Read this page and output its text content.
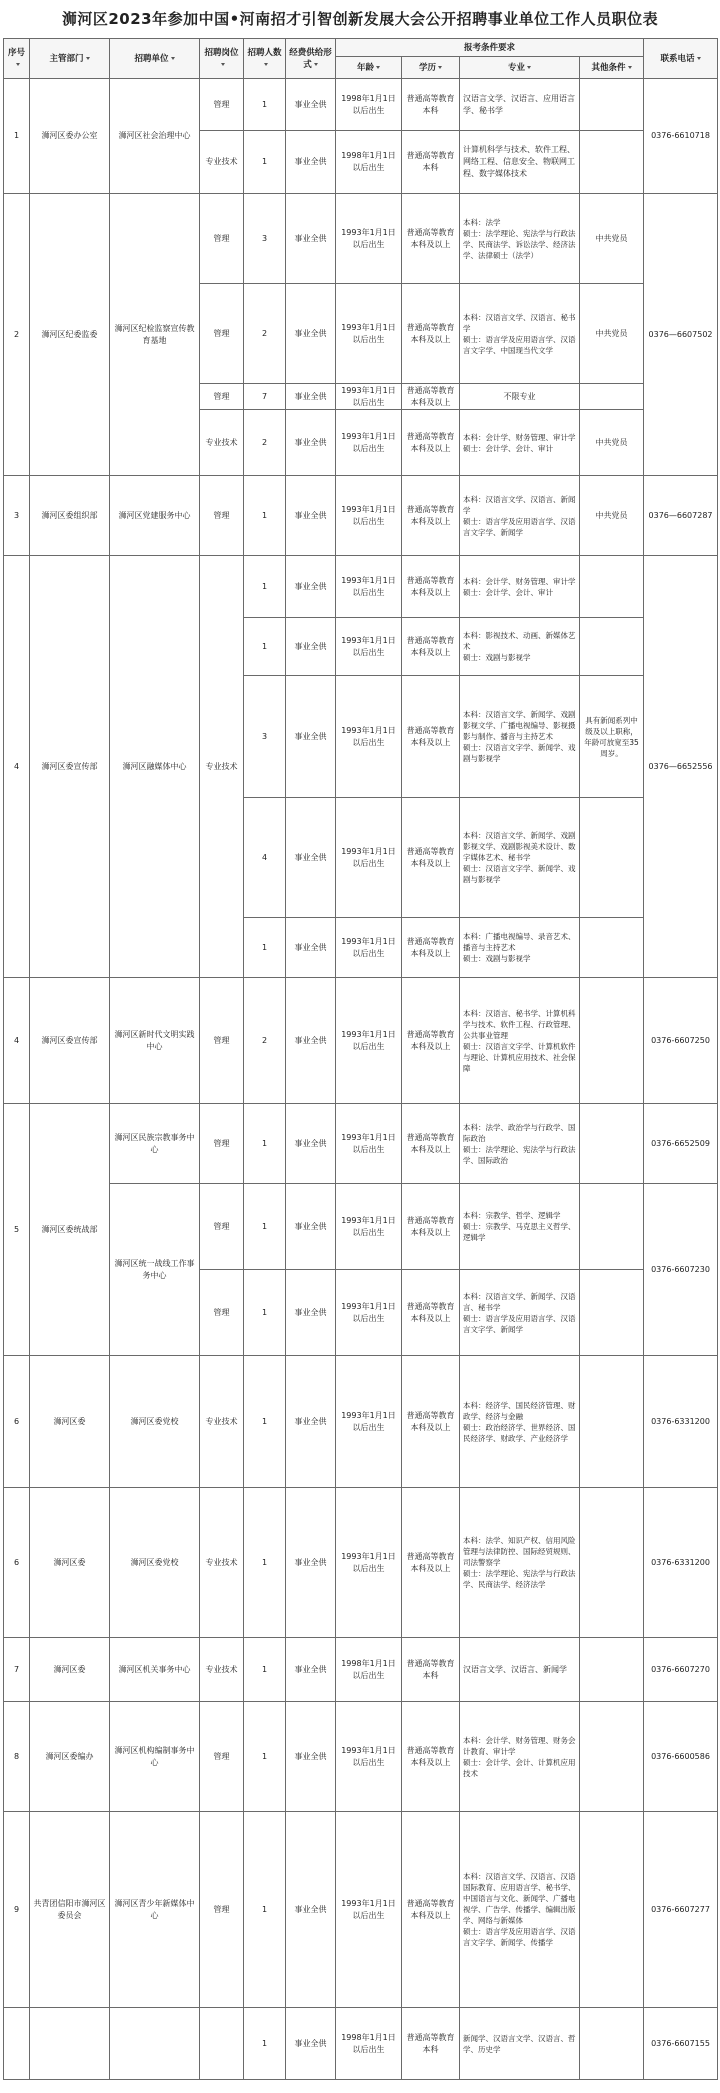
浉河区2023年参加中国•河南招才引智创新发展大会公开招聘事业单位工作人员职位表
序号	主管部门	招聘单位	招聘岗位	招聘人数	经费供给形式	报考条件要求				联系电话
						年龄	学历	专业	其他条件	
1	浉河区委办公室	浉河区社会治理中心	管理	1	事业全供	1998年1月1日以后出生	普通高等教育本科	汉语言文学、汉语言、应用语言学、秘书学		0376-6610718
			专业技术	1	事业全供	1998年1月1日以后出生	普通高等教育本科	计算机科学与技术、软件工程、网络工程、信息安全、物联网工程、数字媒体技术		
2	浉河区纪委监委	浉河区纪检监察宣传教育基地	管理	3	事业全供	1993年1月1日以后出生	普通高等教育本科及以上	本科：法学
硕士：法学理论、宪法学与行政法学、民商法学、诉讼法学、经济法学、法律硕士（法学）	中共党员	0376—6607502
			管理	2	事业全供	1993年1月1日以后出生	普通高等教育本科及以上	本科：汉语言文学、汉语言、秘书学
硕士：语言学及应用语言学、汉语言文字学、中国现当代文学	中共党员	
			管理	7	事业全供	1993年1月1日以后出生	普通高等教育本科及以上	不限专业		
			专业技术	2	事业全供	1993年1月1日以后出生	普通高等教育本科及以上	本科：会计学、财务管理、审计学
硕士：会计学、会计、审计	中共党员	
3	浉河区委组织部	浉河区党建服务中心	管理	1	事业全供	1993年1月1日以后出生	普通高等教育本科及以上	本科：汉语言文学、汉语言、新闻学
硕士：语言学及应用语言学、汉语言文字学、新闻学	中共党员	0376—6607287
4	浉河区委宣传部	浉河区融媒体中心	专业技术	1	事业全供	1993年1月1日以后出生	普通高等教育本科及以上	本科：会计学、财务管理、审计学
硕士：会计学、会计、审计		0376—6652556
				1	事业全供	1993年1月1日以后出生	普通高等教育本科及以上	本科：影视技术、动画、新媒体艺术
硕士：戏剧与影视学		
				3	事业全供	1993年1月1日以后出生	普通高等教育本科及以上	本科：汉语言文学、新闻学、戏剧影视文学、广播电视编导、影视摄影与制作、播音与主持艺术
硕士：汉语言文字学、新闻学、戏剧与影视学	具有新闻系列中级及以上职称，年龄可放宽至35周岁。	
				4	事业全供	1993年1月1日以后出生	普通高等教育本科及以上	本科：汉语言文学、新闻学、戏剧影视文学、戏剧影视美术设计、数字媒体艺术、秘书学
硕士：汉语言文字学、新闻学、戏剧与影视学		
				1	事业全供	1993年1月1日以后出生	普通高等教育本科及以上	本科：广播电视编导、录音艺术、播音与主持艺术
硕士：戏剧与影视学		
4	浉河区委宣传部	浉河区新时代文明实践中心	管理	2	事业全供	1993年1月1日以后出生	普通高等教育本科及以上	本科：汉语言、秘书学、计算机科学与技术、软件工程、行政管理、公共事业管理
硕士：汉语言文字学、计算机软件与理论、计算机应用技术、社会保障		0376-6607250
5	浉河区委统战部	浉河区民族宗教事务中心	管理	1	事业全供	1993年1月1日以后出生	普通高等教育本科及以上	本科：法学、政治学与行政学、国际政治
硕士：法学理论、宪法学与行政法学、国际政治		0376-6652509
		浉河区统一战线工作事务中心	管理	1	事业全供	1993年1月1日以后出生	普通高等教育本科及以上	本科：宗教学、哲学、逻辑学
硕士：宗教学、马克思主义哲学、逻辑学		0376-6607230
			管理	1	事业全供	1993年1月1日以后出生	普通高等教育本科及以上	本科：汉语言文学、新闻学、汉语言、秘书学
硕士：语言学及应用语言学、汉语言文字学、新闻学		
6	浉河区委	浉河区委党校	专业技术	1	事业全供	1993年1月1日以后出生	普通高等教育本科及以上	本科：经济学、国民经济管理、财政学、经济与金融
硕士：政治经济学、世界经济、国民经济学、财政学、产业经济学		0376-6331200
6	浉河区委	浉河区委党校	专业技术	1	事业全供	1993年1月1日以后出生	普通高等教育本科及以上	本科：法学、知识产权、信用风险管理与法律防控、国际经贸规则、司法警察学
硕士：法学理论、宪法学与行政法学、民商法学、经济法学		0376-6331200
7	浉河区委	浉河区机关事务中心	专业技术	1	事业全供	1998年1月1日以后出生	普通高等教育本科	汉语言文学、汉语言、新闻学		0376-6607270
8	浉河区委编办	浉河区机构编制事务中心	管理	1	事业全供	1993年1月1日以后出生	普通高等教育本科及以上	本科：会计学、财务管理、财务会计教育、审计学
硕士：会计学、会计、计算机应用技术		0376-6600586
9	共青团信阳市浉河区委员会	浉河区青少年新媒体中心	管理	1	事业全供	1993年1月1日以后出生	普通高等教育本科及以上	本科：汉语言文学、汉语言、汉语国际教育、应用语言学、秘书学、中国语言与文化、新闻学、广播电视学、广告学、传播学、编辑出版学、网络与新媒体
硕士：语言学及应用语言学、汉语言文字学、新闻学、传播学		0376-6607277
				1	事业全供	1998年1月1日以后出生	普通高等教育本科	新闻学、汉语言文学、汉语言、哲学、历史学		0376-6607155
